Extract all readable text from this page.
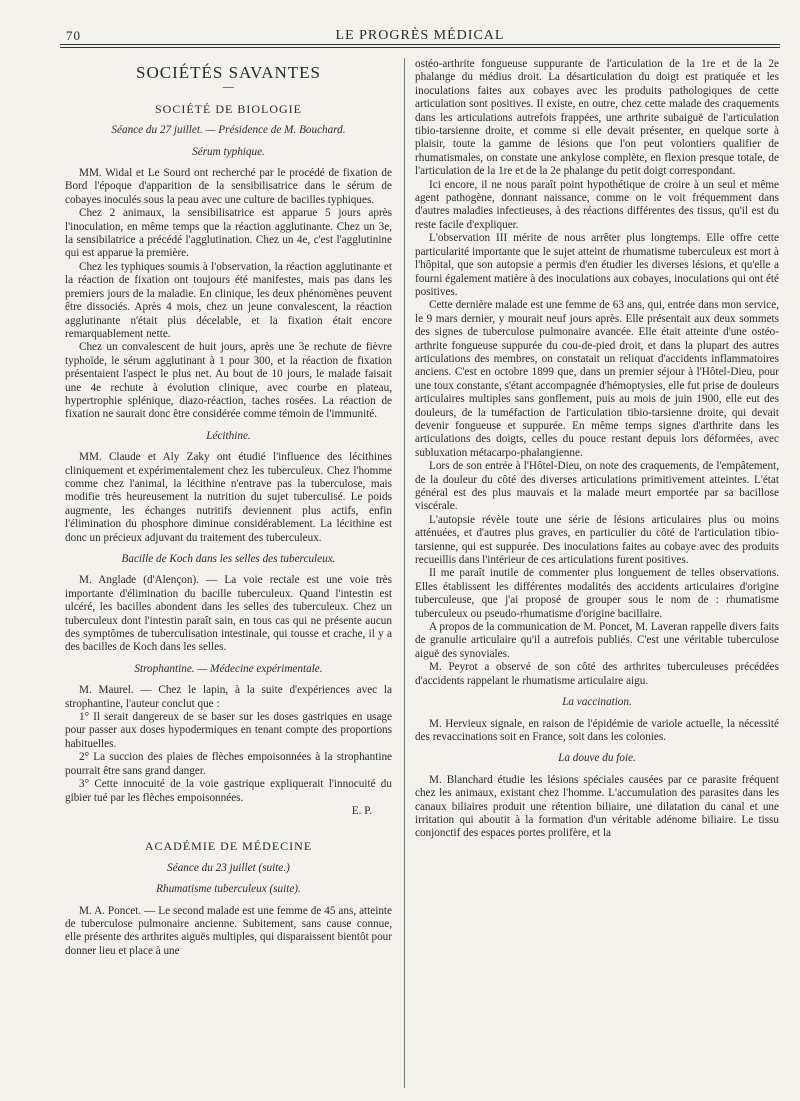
70	LE PROGRÈS MÉDICAL

SOCIÉTÉS SAVANTES

—

SOCIÉTÉ DE BIOLOGIE

Séance du 27 juillet. — Présidence de M. Bouchard.

Sérum typhique.

MM. Widal et Le Sourd ont recherché par le procédé de fixation de Bord l'époque d'apparition de la sensibilisatrice dans le sérum de cobayes inoculés sous la peau avec une culture de bacilles typhiques.

Chez 2 animaux, la sensibilisatrice est apparue 5 jours après l'inoculation, en même temps que la réaction agglutinante. Chez un 3e, la sensibilatrice a précédé l'agglutination. Chez un 4e, c'est l'agglutinine qui est apparue la première.

Chez les typhiques soumis à l'observation, la réaction agglutinante et la réaction de fixation ont toujours été manifestes, mais pas dans les premiers jours de la maladie. En clinique, les deux phénomènes peuvent être dissociés. Après 4 mois, chez un jeune convalescent, la réaction agglutinante n'était plus décelable, et la fixation était encore remarquablement nette.

Chez un convalescent de huit jours, après une 3e rechute de fièvre typhoïde, le sérum agglutinant à 1 pour 300, et la réaction de fixation présentaient l'aspect le plus net. Au bout de 10 jours, le malade faisait une 4e rechute à évolution clinique, avec courbe en plateau, hypertrophie splénique, diazo-réaction, taches rosées. La réaction de fixation ne saurait donc être considérée comme témoin de l'immunité.

Lécithine.

MM. Claude et Aly Zaky ont étudié l'influence des lécithines cliniquement et expérimentalement chez les tuberculeux. Chez l'homme comme chez l'animal, la lécithine n'entrave pas la tuberculose, mais modifie très heureusement la nutrition du sujet tuberculisé. Le poids augmente, les échanges nutritifs deviennent plus actifs, enfin l'élimination du phosphore diminue considérablement. La lécithine est donc un précieux adjuvant du traitement des tuberculeux.

Bacille de Koch dans les selles des tuberculeux.

M. Anglade (d'Alençon). — La voie rectale est une voie très importante d'élimination du bacille tuberculeux. Quand l'intestin est ulcéré, les bacilles abondent dans les selles des tuberculeux. Chez un tuberculeux dont l'intestin paraît sain, en tous cas qui ne présente aucun des symptômes de tuberculisation intestinale, qui tousse et crache, il y a des bacilles de Koch dans les selles.

Strophantine. — Médecine expérimentale.

M. Maurel. — Chez le lapin, à la suite d'expériences avec la strophantine, l'auteur conclut que :

1° Il serait dangereux de se baser sur les doses gastriques en usage pour passer aux doses hypodermiques en tenant compte des proportions habituelles.

2° La succion des plaies de flèches empoisonnées à la strophantine pourrait être sans grand danger.

3° Cette innocuité de la voie gastrique expliquerait l'innocuité du gibier tué par les flèches empoisonnées.

E. P.

ACADÉMIE DE MÉDECINE

Séance du 23 juillet (suite.)

Rhumatisme tuberculeux (suite).

M. A. Poncet. — Le second malade est une femme de 45 ans, atteinte de tuberculose pulmonaire ancienne. Subitement, sans cause connue, elle présente des arthrites aiguës multiples, qui disparaissent bientôt pour donner lieu et place à une

ostéo-arthrite fongueuse suppurante de l'articulation de la 1re et de la 2e phalange du médius droit. La désarticulation du doigt est pratiquée et les inoculations faites aux cobayes avec les produits pathologiques de cette articulation sont positives. Il existe, en outre, chez cette malade des craquements dans les articulations autrefois frappées, une arthrite subaiguë de l'articulation tibio-tarsienne droite, et comme si elle devait présenter, en quelque sorte à plaisir, toute la gamme de lésions que l'on peut volontiers qualifier de rhumatismales, on constate une ankylose complète, en flexion presque totale, de l'articulation de la 1re et de la 2e phalange du petit doigt correspondant.

Ici encore, il ne nous paraît point hypothétique de croire à un seul et même agent pathogène, donnant naissance, comme on le voit fréquemment dans d'autres maladies infectieuses, à des réactions différentes des tissus, qu'il est du reste facile d'expliquer.

L'observation III mérite de nous arrêter plus longtemps. Elle offre cette particularité importante que le sujet atteint de rhumatisme tuberculeux est mort à l'hôpital, que son autopsie a permis d'en étudier les diverses lésions, et qu'elle a fourni également matière à des inoculations aux cobayes, inoculations qui ont été positives.

Cette dernière malade est une femme de 63 ans, qui, entrée dans mon service, le 9 mars dernier, y mourait neuf jours après. Elle présentait aux deux sommets des signes de tuberculose pulmonaire avancée. Elle était atteinte d'une ostéo-arthrite fongueuse suppurée du cou-de-pied droit, et dans la plupart des autres articulations des membres, on constatait un reliquat d'accidents inflammatoires anciens. C'est en octobre 1899 que, dans un premier séjour à l'Hôtel-Dieu, pour une toux constante, s'étant accompagnée d'hémoptysies, elle fut prise de douleurs articulaires multiples sans gonflement, puis au mois de juin 1900, elle eut des douleurs, de la tuméfaction de l'articulation tibio-tarsienne droite, qui devait devenir fongueuse et suppurée. En même temps signes d'arthrite dans les articulations des doigts, celles du pouce restant depuis lors déformées, avec subluxation métacarpo-phalangienne.

Lors de son entrée à l'Hôtel-Dieu, on note des craquements, de l'empâtement, de la douleur du côté des diverses articulations primitivement atteintes. L'état général est des plus mauvais et la malade meurt emportée par sa bacillose viscérale.

L'autopsie révèle toute une série de lésions articulaires plus ou moins atténuées, et d'autres plus graves, en particulier du côté de l'articulation tibio-tarsienne, qui est suppurée. Des inoculations faites au cobaye avec des produits recueillis dans l'intérieur de ces articulations furent positives.

Il me paraît inutile de commenter plus longuement de telles observations. Elles établissent les différentes modalités des accidents articulaires d'origine tuberculeuse, que j'ai proposé de grouper sous le nom de : rhumatisme tuberculeux ou pseudo-rhumatisme d'origine bacillaire.

A propos de la communication de M. Poncet, M. Laveran rappelle divers faits de granulie articulaire qu'il a autrefois publiés. C'est une véritable tuberculose aiguë des synoviales.

M. Peyrot a observé de son côté des arthrites tuberculeuses précédées d'accidents rappelant le rhumatisme articulaire aigu.

La vaccination.

M. Hervieux signale, en raison de l'épidémie de variole actuelle, la nécessité des revaccinations soit en France, soit dans les colonies.

La douve du foie.

M. Blanchard étudie les lésions spéciales causées par ce parasite fréquent chez les animaux, existant chez l'homme. L'accumulation des parasites dans les canaux biliaires produit une rétention biliaire, une dilatation du canal et une irritation qui aboutit à la formation d'un véritable adénome biliaire. Le tissu conjonctif des espaces portes prolifère, et la
